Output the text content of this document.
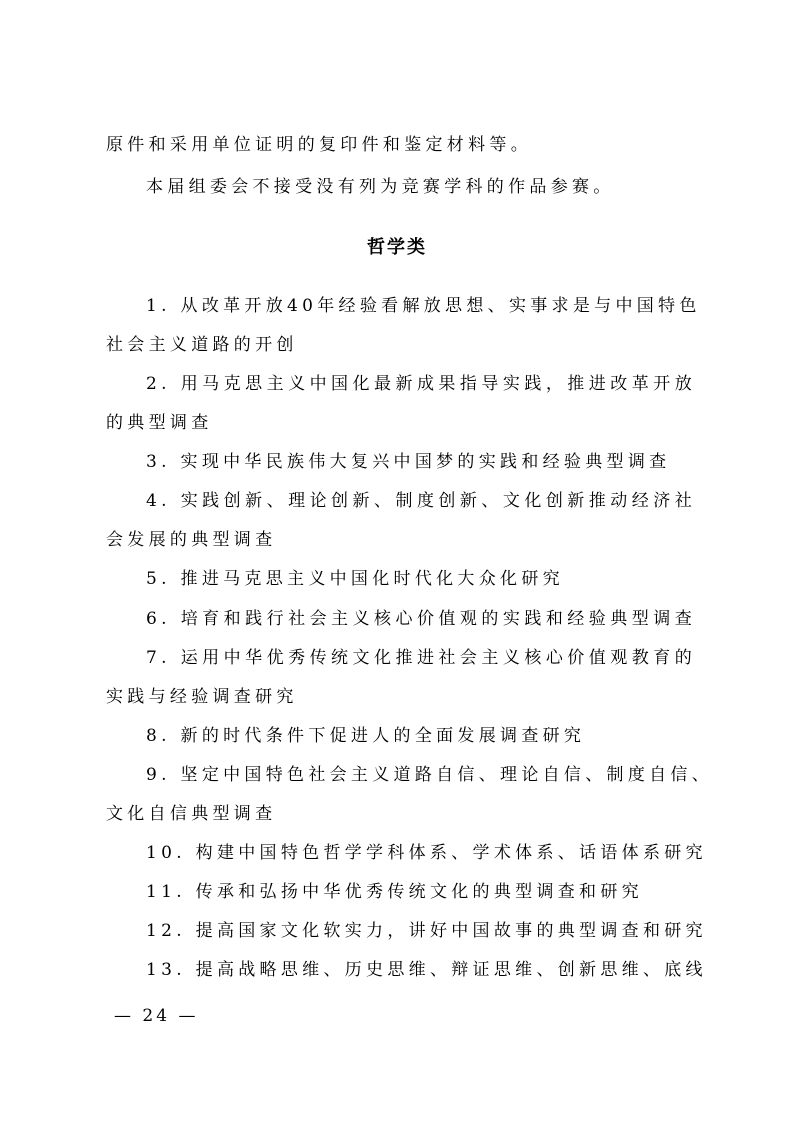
原件和采用单位证明的复印件和鉴定材料等。
本届组委会不接受没有列为竞赛学科的作品参赛。
哲学类
1. 从改革开放40年经验看解放思想、实事求是与中国特色
社会主义道路的开创
2. 用马克思主义中国化最新成果指导实践，推进改革开放
的典型调查
3. 实现中华民族伟大复兴中国梦的实践和经验典型调查
4. 实践创新、理论创新、制度创新、文化创新推动经济社
会发展的典型调查
5. 推进马克思主义中国化时代化大众化研究
6. 培育和践行社会主义核心价值观的实践和经验典型调查
7. 运用中华优秀传统文化推进社会主义核心价值观教育的
实践与经验调查研究
8. 新的时代条件下促进人的全面发展调查研究
9. 坚定中国特色社会主义道路自信、理论自信、制度自信、
文化自信典型调查
10. 构建中国特色哲学学科体系、学术体系、话语体系研究
11. 传承和弘扬中华优秀传统文化的典型调查和研究
12. 提高国家文化软实力，讲好中国故事的典型调查和研究
13. 提高战略思维、历史思维、辩证思维、创新思维、底线
— 24 —
